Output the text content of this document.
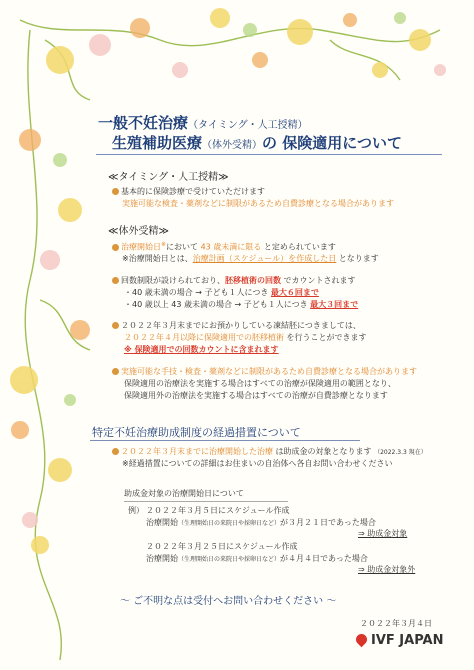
一般不妊治療（タイミング・人工授精）
生殖補助医療（体外受精）の 保険適用について
≪タイミング・人工授精≫
基本的に保険診療で受けていただけます
実施可能な検査・薬剤などに制限があるため自費診療となる場合があります
≪体外受精≫
治療開始日※において 43 歳未満に限る と定められています
※治療開始日とは、治療計画（スケジュール）を作成した日 となります
回数制限が設けられており、胚移植術の回数 でカウントされます
・40 歳未満の場合 → 子ども１人につき 最大６回まで
・40 歳以上 43 歳未満の場合 → 子ども１人につき 最大３回まで
２０２２年３月末までにお預かりしている凍結胚につきましては、
２０２２年４月以降に保険適用での胚移植術 を行うことができます
※ 保険適用での回数カウントに含まれます
実施可能な手技・検査・薬剤などに制限があるため自費診療となる場合があります
保険適用の治療法を実施する場合はすべての治療が保険適用の範囲となり、
保険適用外の治療法を実施する場合はすべての治療が自費診療となります
特定不妊治療助成制度の経過措置について
２０２２年３月末までに治療開始した治療 は助成金の対象となります （2022.3.3 現在）
※経過措置についての詳細はお住まいの自治体へ各自お問い合わせください
助成金対象の治療開始日について
例） ２０２２年３月５日にスケジュール作成
治療開始（生理開始日の来院日や採卵日など）が３月２１日であった場合
⇒ 助成金対象
２０２２年３月２５日にスケジュール作成
治療開始（生理開始日の来院日や採卵日など）が４月４日であった場合
⇒ 助成金対象外
～ ご不明な点は受付へお問い合わせください ～
２０２２年３月４日
IVF JAPAN
